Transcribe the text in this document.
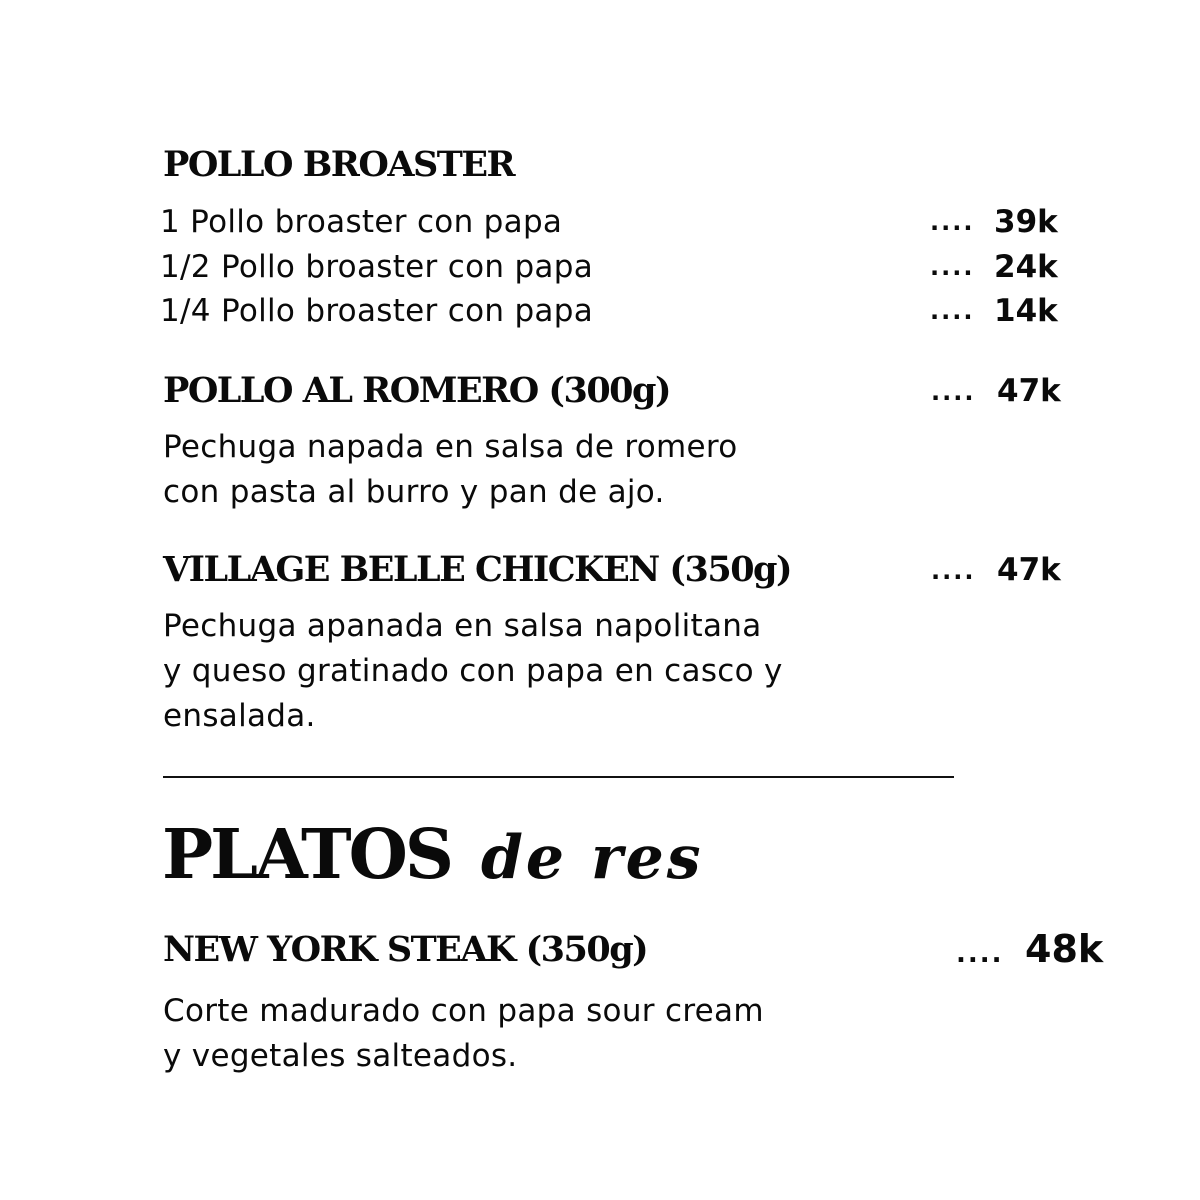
POLLO BROASTER
1 Pollo broaster con papa	.... 39k
1/2 Pollo broaster con papa	.... 24k
1/4 Pollo broaster con papa	.... 14k
POLLO AL ROMERO (300g)	.... 47k
Pechuga napada en salsa de romero
con pasta al burro y pan de ajo.
VILLAGE BELLE CHICKEN (350g)	.... 47k
Pechuga apanada en salsa napolitana
y queso gratinado con papa en casco y
ensalada.
PLATOS de res
NEW YORK STEAK (350g)	.... 48k
Corte madurado con papa sour cream
y vegetales salteados.
